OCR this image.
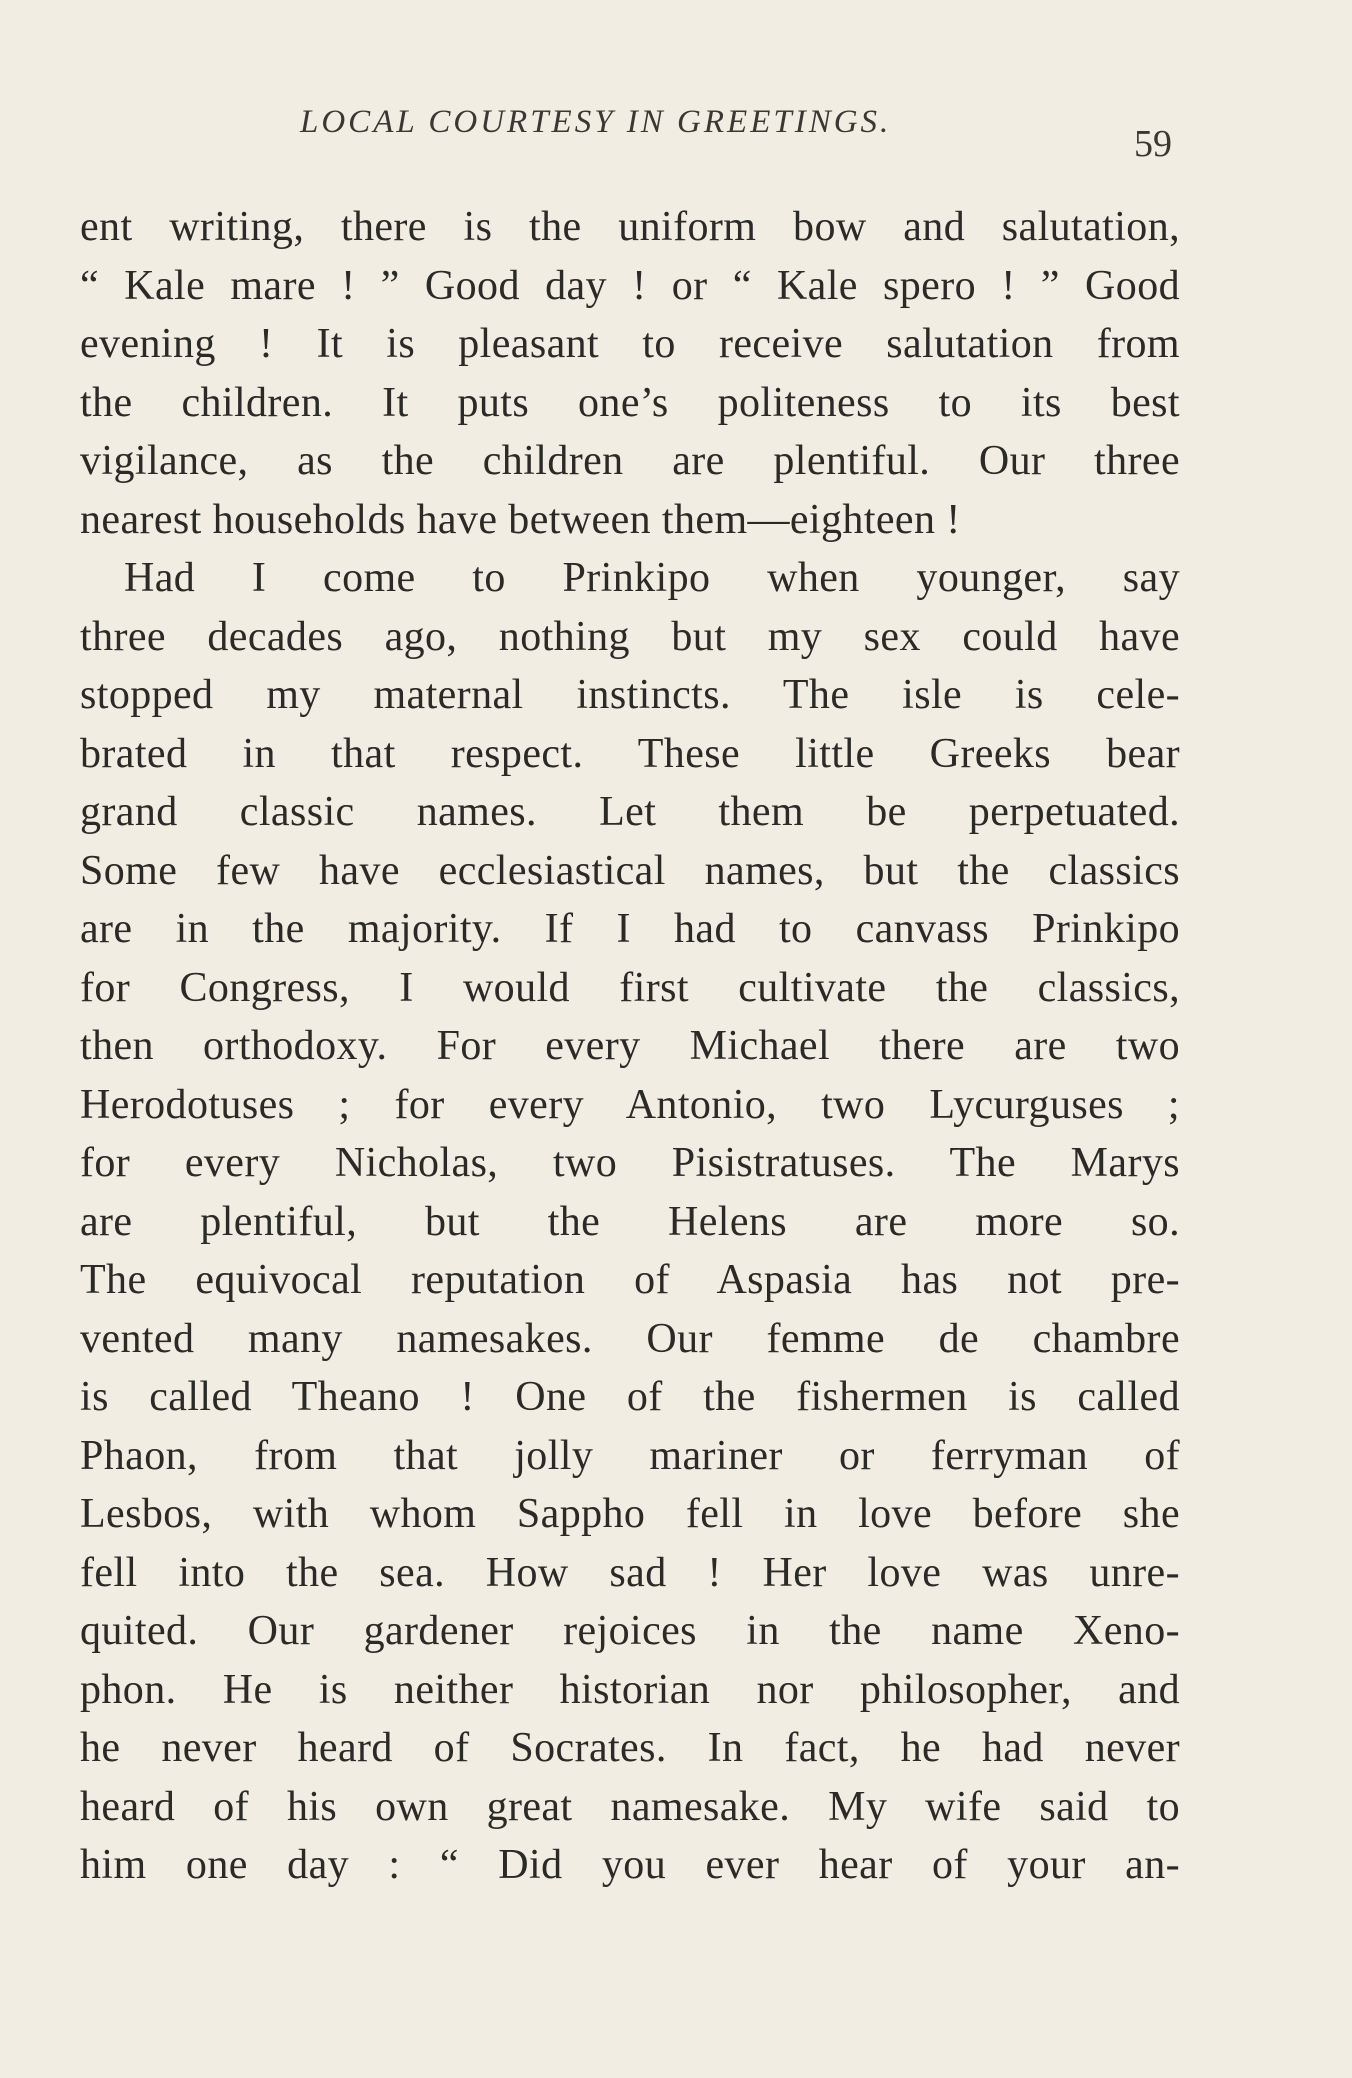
LOCAL COURTESY IN GREETINGS.
59
ent writing, there is the uniform bow and salutation,
“ Kale mare ! ” Good day ! or “ Kale spero ! ” Good
evening ! It is pleasant to receive salutation from
the children. It puts one’s politeness to its best
vigilance, as the children are plentiful. Our three
nearest households have between them—eighteen !
Had I come to Prinkipo when younger, say
three decades ago, nothing but my sex could have
stopped my maternal instincts. The isle is cele-
brated in that respect. These little Greeks bear
grand classic names. Let them be perpetuated.
Some few have ecclesiastical names, but the classics
are in the majority. If I had to canvass Prinkipo
for Congress, I would first cultivate the classics,
then orthodoxy. For every Michael there are two
Herodotuses ; for every Antonio, two Lycurguses ;
for every Nicholas, two Pisistratuses. The Marys
are plentiful, but the Helens are more so.
The equivocal reputation of Aspasia has not pre-
vented many namesakes. Our femme de chambre
is called Theano ! One of the fishermen is called
Phaon, from that jolly mariner or ferryman of
Lesbos, with whom Sappho fell in love before she
fell into the sea. How sad ! Her love was unre-
quited. Our gardener rejoices in the name Xeno-
phon. He is neither historian nor philosopher, and
he never heard of Socrates. In fact, he had never
heard of his own great namesake. My wife said to
him one day : “ Did you ever hear of your an-
